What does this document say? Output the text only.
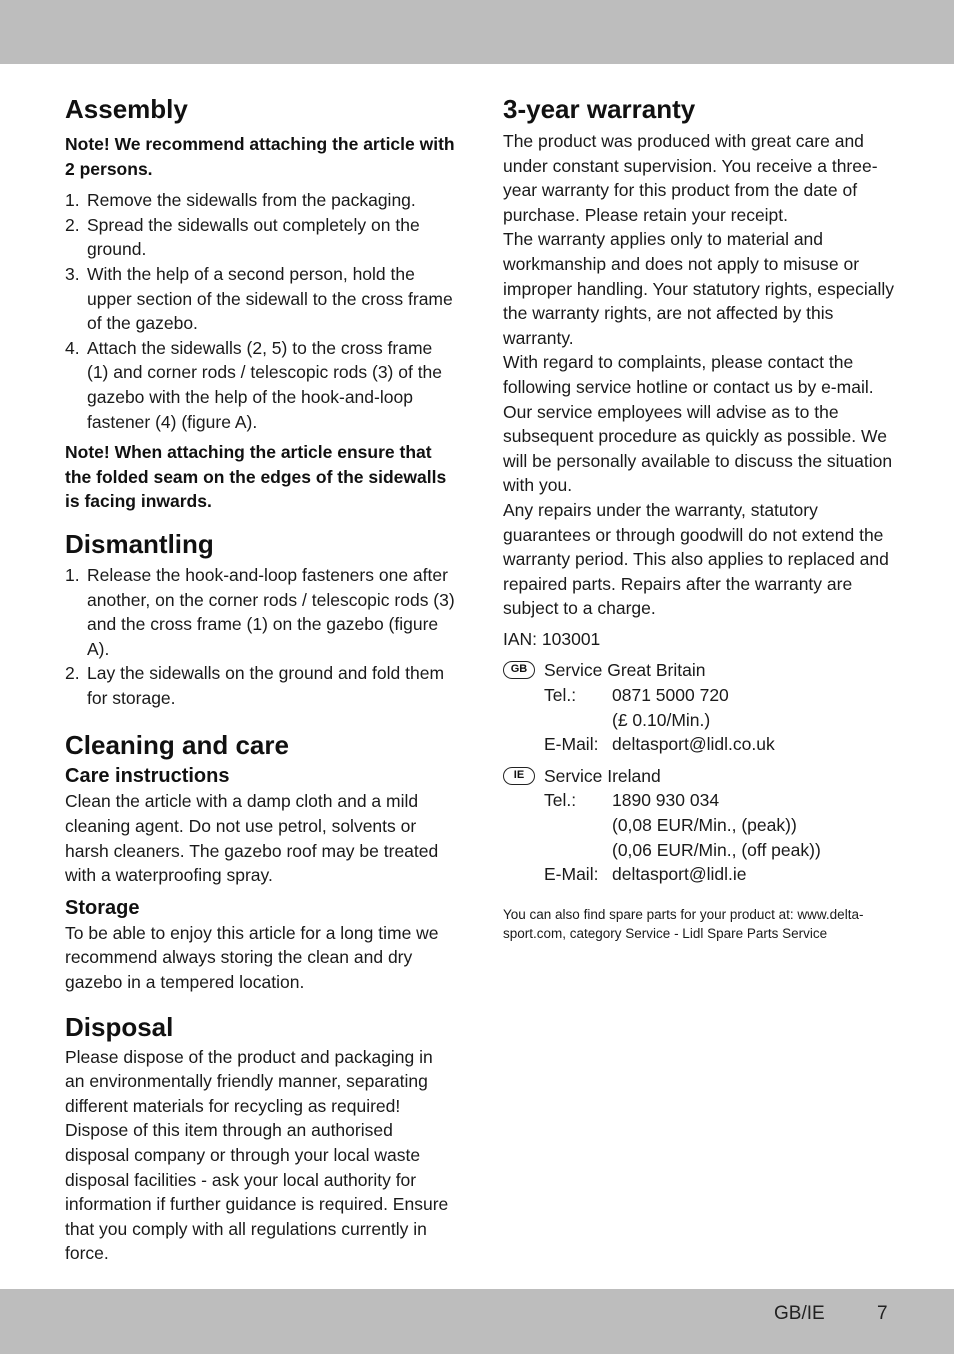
Assembly

Note! We recommend attaching the article with 2 persons.

1. Remove the sidewalls from the packaging.
2. Spread the sidewalls out completely on the ground.
3. With the help of a second person, hold the upper section of the sidewall to the cross frame of the gazebo.
4. Attach the sidewalls (2, 5) to the cross frame (1) and corner rods / telescopic rods (3) of the gazebo with the help of the hook-and-loop fastener (4) (figure A).

Note! When attaching the article ensure that the folded seam on the edges of the sidewalls is facing inwards.

Dismantling
1. Release the hook-and-loop fasteners one after another, on the corner rods / telescopic rods (3) and the cross frame (1) on the gazebo (figure A).
2. Lay the sidewalls on the ground and fold them for storage.
Cleaning and care
Care instructions

Clean the article with a damp cloth and a mild cleaning agent. Do not use petrol, solvents or harsh cleaners. The gazebo roof may be treated with a waterproofing spray.

Storage

To be able to enjoy this article for a long time we recommend always storing the clean and dry gazebo in a tempered location.

Disposal

Please dispose of the product and packaging in an environmentally friendly manner, separating different materials for recycling as required! Dispose of this item through an authorised disposal company or through your local waste disposal facilities - ask your local authority for information if further guidance is required. Ensure that you comply with all regulations currently in force.

3-year warranty

The product was produced with great care and under constant supervision. You receive a three-year warranty for this product from the date of purchase. Please retain your receipt.

The warranty applies only to material and workmanship and does not apply to misuse or improper handling. Your statutory rights, especially the warranty rights, are not affected by this warranty.

With regard to complaints, please contact the following service hotline or contact us by e-mail. Our service employees will advise as to the subsequent procedure as quickly as possible. We will be personally available to discuss the situation with you.

Any repairs under the warranty, statutory guarantees or through goodwill do not extend the warranty period. This also applies to replaced and repaired parts. Repairs after the warranty are subject to a charge.

IAN: 103001

GB Service Great Britain
Tel.:	0871 5000 720
(£ 0.10/Min.)
E-Mail: deltasport@lidl.co.uk
IE	Service Ireland
Tel.:	1890 930 034
(0,08 EUR/Min., (peak))
(0,06 EUR/Min., (off peak))
E-Mail: deltasport@lidl.ie

You can also find spare parts for your product at: www.delta-sport.com, category Service - Lidl Spare Parts Service

GB/IE	7
